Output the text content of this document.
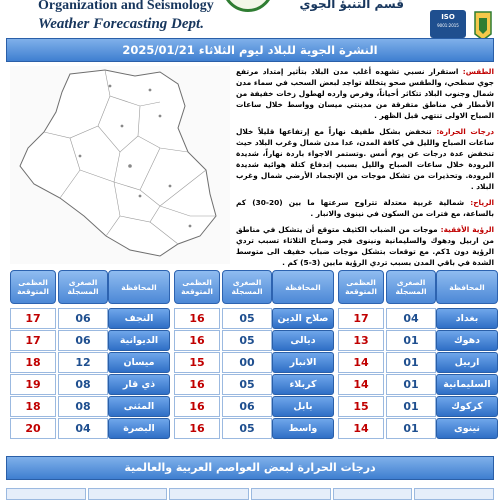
Organization and Seismology
Weather Forecasting Dept.
قسم التنبؤ الجوي
ISO
9001:2015
النشرة الجوية للبلاد ليوم الثلاثاء 2025/01/21

الطقس: استقرار نسبي تشهده أغلب مدن البلاد بتأثير إمتداد مرتفع جوي سطحي، والطقس صحو يتخللة تواجد لبعض السحب في سماء مدن شمال وجنوب البلاد تتكاثر أحياناً، وفرص وارده لهطول زخات خفيفة من الأمطار في مناطق متفرقة من مدينتي ميسان وواسط خلال ساعات الصباح الاولى تنتهي قبل الظهر .

درجات الحرارة: تنخفض بشكل طفيف نهاراً مع إرتفاعها قليلاً خلال ساعات الصباح والليل في كافة المدن، عدا مدن شمال وغرب البلاد حيث تنخفض عدة درجات عن يوم أمس .وتستمر الاجواء باردة نهاراً، شديدة البرودة خلال ساعات الصباح والليل بسبب إندفاع كتلة هوائية شديدة البرودة. وتحذيرات من تشكل موجات من الإنجماد الأرضي شمال وغرب البلاد .

الرياح: شمالية غربية معتدلة تتراوح سرعتها ما بين (20-30) كم بالساعة، مع فترات من السكون في نينوى والانبار .

الرؤية الأفقية: موجات من الضباب الكثيف متوقع أن يتشكل في مناطق من اربيل ودهوك والسليمانية ونينوى فجر وصباح الثلاثاء تسبب تردي الرؤية دون 1كم. مع توقعات بتشكل موجات ضباب خفيف الى متوسط الشدة في باقي المدن بسبب تردي الرؤية مابين (3-5) كم .

المحافظة
الصغرى المسجلة
العظمى المتوقعة
بغداد
04
17
دهوك
01
13
اربيل
01
14
السليمانية
01
14
كركوك
01
15
نينوى
01
14
المحافظة
الصغرى المسجلة
العظمى المتوقعة
صلاح الدين
05
16
ديالى
05
16
الانبار
00
15
كربلاء
05
16
بابل
06
16
واسط
05
16
المحافظة
الصغرى المسجلة
العظمى المتوقعة
النجف
06
17
الديوانية
06
17
ميسان
12
18
ذي قار
08
19
المثنى
08
18
البصرة
04
20
درجات الحرارة لبعض العواصم العربية والعالمية
